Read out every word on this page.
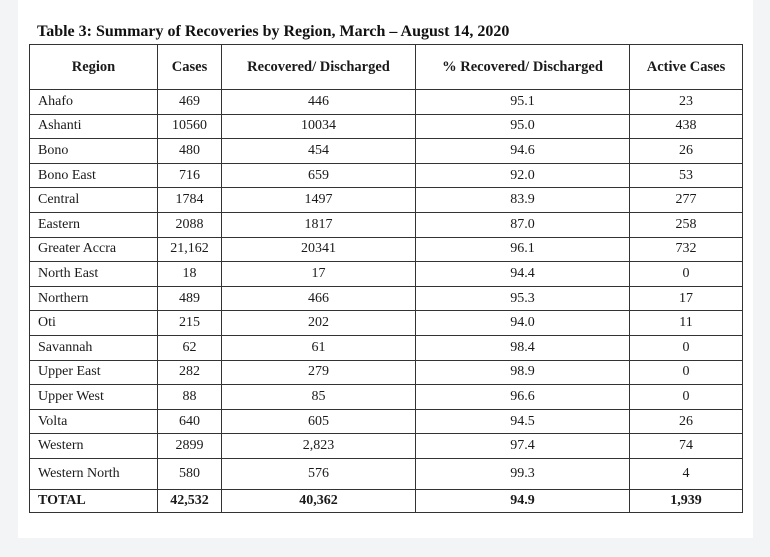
Table 3: Summary of Recoveries by Region, March – August 14, 2020
Region	Cases	Recovered/ Discharged	% Recovered/ Discharged	Active Cases
Ahafo	469	446	95.1	23
Ashanti	10560	10034	95.0	438
Bono	480	454	94.6	26
Bono East	716	659	92.0	53
Central	1784	1497	83.9	277
Eastern	2088	1817	87.0	258
Greater Accra	21,162	20341	96.1	732
North East	18	17	94.4	0
Northern	489	466	95.3	17
Oti	215	202	94.0	11
Savannah	62	61	98.4	0
Upper East	282	279	98.9	0
Upper West	88	85	96.6	0
Volta	640	605	94.5	26
Western	2899	2,823	97.4	74
Western North	580	576	99.3	4
TOTAL	42,532	40,362	94.9	1,939
